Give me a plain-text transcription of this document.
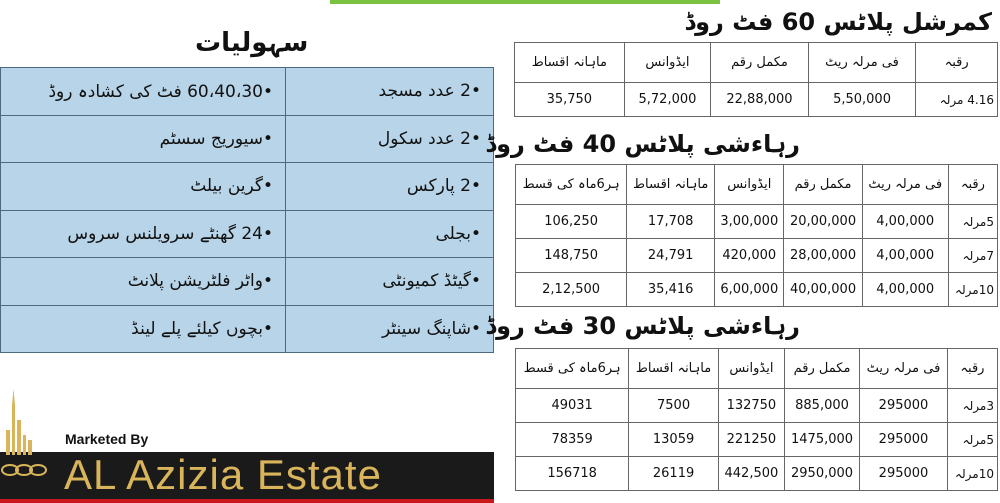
سہولیات
•2 عدد مسجد	•60،40،30 فٹ کی کشادہ روڈ
•2 عدد سکول	•سیوریج سسٹم
•2 پارکس	•گرین بیلٹ
•بجلی	•24 گھنٹے سرویلنس سروس
•گیٹڈ کمیونٹی	•واٹر فلٹریشن پلانٹ
•شاپنگ سینٹر	•بچوں کیلئے پلے لینڈ
کمرشل پلاٹس 60 فٹ روڈ
رقبہ	فی مرلہ ریٹ	مکمل رقم	ایڈوانس	ماہانہ اقساط
4.16 مرلہ	5,50,000	22,88,000	5,72,000	35,750
رہاءشی پلاٹس 40 فٹ روڈ
رقبہ	فی مرلہ ریٹ	مکمل رقم	ایڈوانس	ماہانہ اقساط	ہر6ماہ کی قسط
5مرلہ	4,00,000	20,00,000	3,00,000	17,708	106,250
7مرلہ	4,00,000	28,00,000	420,000	24,791	148,750
10مرلہ	4,00,000	40,00,000	6,00,000	35,416	2,12,500
رہاءشی پلاٹس 30 فٹ روڈ
رقبہ	فی مرلہ ریٹ	مکمل رقم	ایڈوانس	ماہانہ اقساط	ہر6ماہ کی قسط
3مرلہ	295000	885,000	132750	7500	49031
5مرلہ	295000	1475,000	221250	13059	78359
10مرلہ	295000	2950,000	442,500	26119	156718
Marketed By
AL Azizia Estate
